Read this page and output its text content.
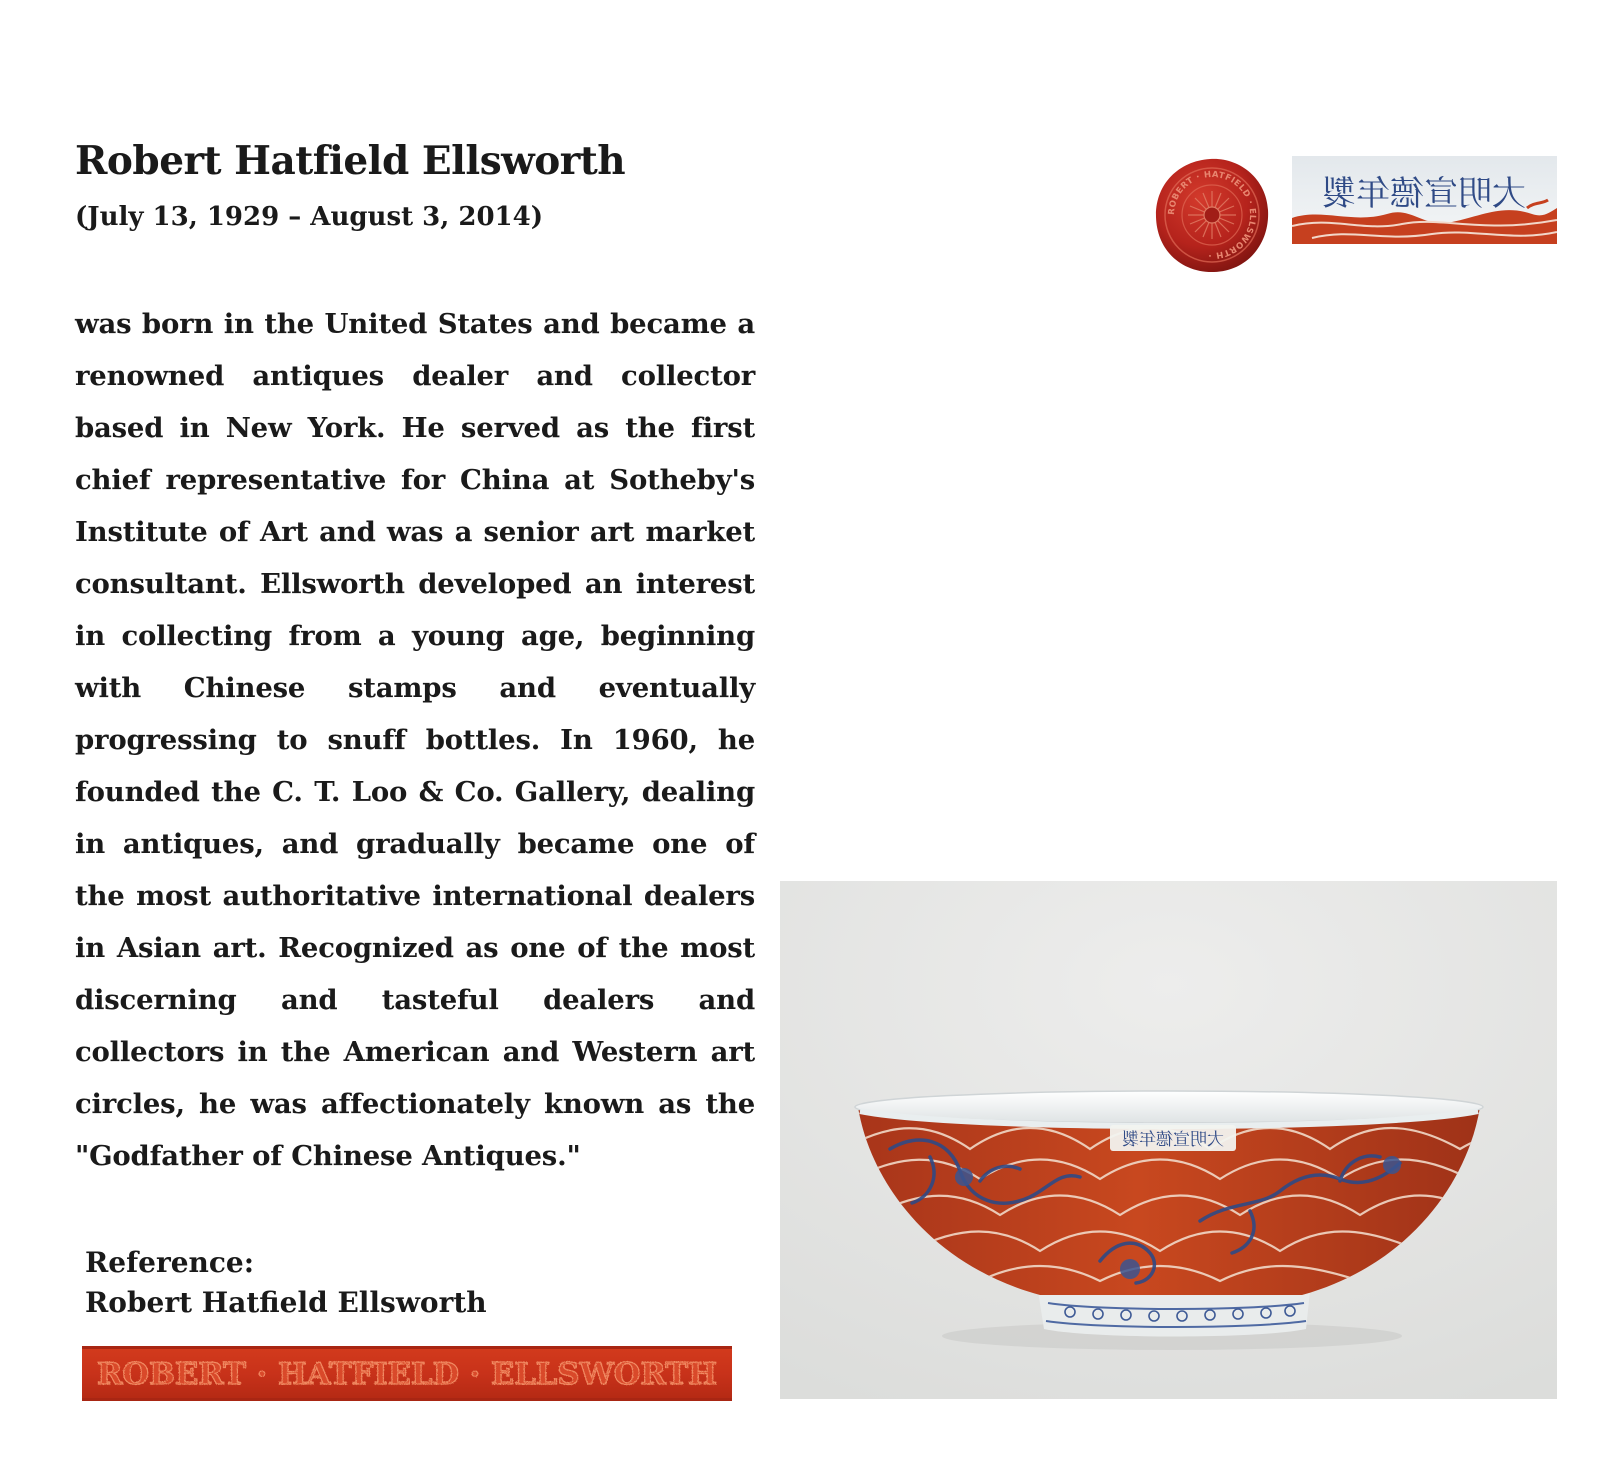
Robert Hatfield Ellsworth

(July 13, 1929 – August 3, 2014)

was born in the United States and became a renowned antiques dealer and collector based in New York. He served as the first chief representative for China at Sotheby's Institute of Art and was a senior art market consultant. Ellsworth developed an interest in collecting from a young age, beginning with Chinese stamps and eventually progressing to snuff bottles. In 1960, he founded the C. T. Loo & Co. Gallery, dealing in antiques, and gradually became one of the most authoritative international dealers in Asian art. Recognized as one of the most discerning and tasteful dealers and collectors in the American and Western art circles, he was affectionately known as the "Godfather of Chinese Antiques."

Reference:

Robert Hatfield Ellsworth

ROBERT · HATFIELD · ELLSWORTH
ROBERT · HATFIELD · ELLSWORTH ·
大明宣德年製
大明宣德年製
